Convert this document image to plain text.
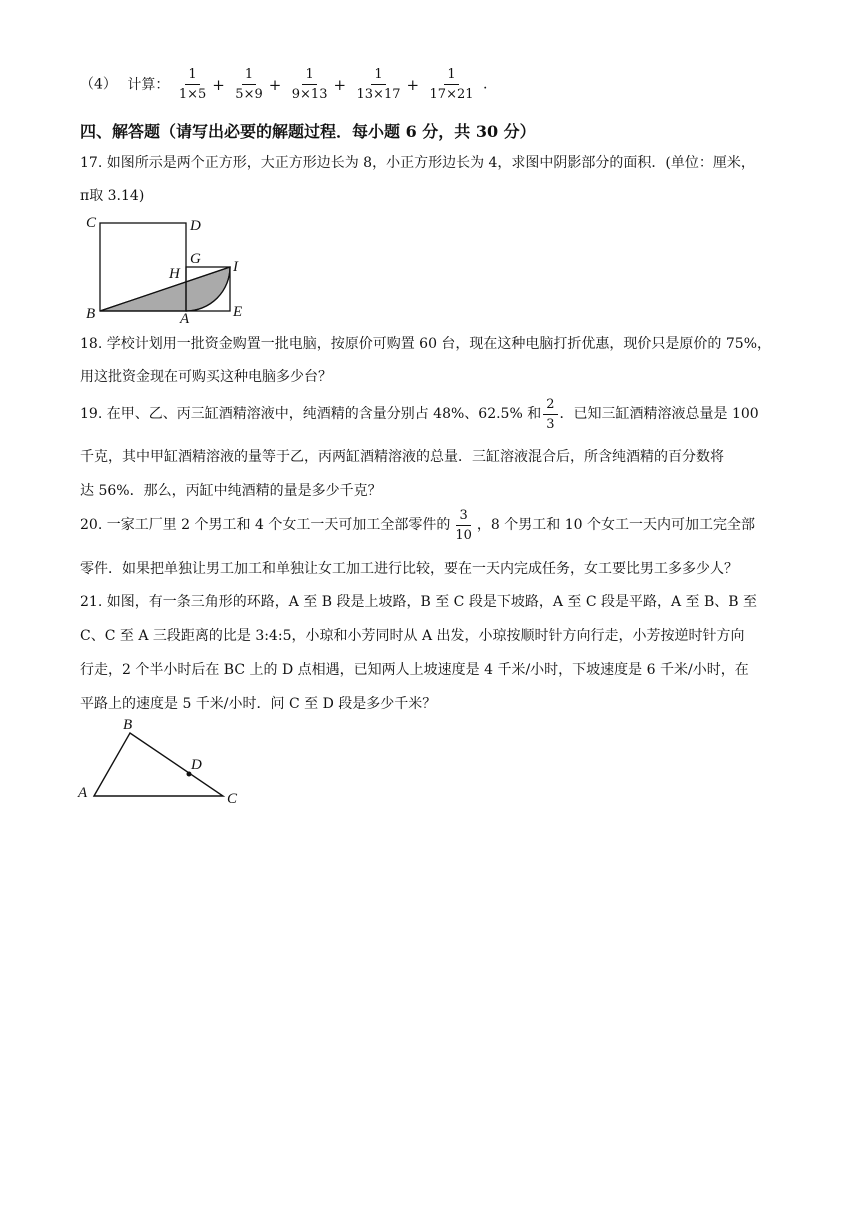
（4） 计算： $\frac{1}{1\times 5} + \frac{1}{5\times 9} + \frac{1}{9\times 13} + \frac{1}{13\times 17} + \frac{1}{17\times 21}$ .
四、解答题（请写出必要的解题过程．每小题 6 分，共 30 分）
17. 如图所示是两个正方形，大正方形边长为 8，小正方形边长为 4，求图中阴影部分的面积．(单位：厘米，
π取 3.14)
C	D
G
H	I
B	A	E
18. 学校计划用一批资金购置一批电脑，按原价可购置 60 台，现在这种电脑打折优惠，现价只是原价的 75%，
用这批资金现在可购买这种电脑多少台？
19. 在甲、乙、丙三缸酒精溶液中，纯酒精的含量分别占 48%、62.5% 和 $\frac{2}{3}$ ．已知三缸酒精溶液总量是 100
千克，其中甲缸酒精溶液的量等于乙，丙两缸酒精溶液的总量．三缸溶液混合后，所含纯酒精的百分数将
达 56%．那么，丙缸中纯酒精的量是多少千克？
20. 一家工厂里 2 个男工和 4 个女工一天可加工全部零件的 $\frac{3}{10}$ ，8 个男工和 10 个女工一天内可加工完全部
零件．如果把单独让男工加工和单独让女工加工进行比较，要在一天内完成任务，女工要比男工多多少人？
21. 如图，有一条三角形的环路，A 至 B 段是上坡路，B 至 C 段是下坡路，A 至 C 段是平路，A 至 B、B 至
C、C 至 A 三段距离的比是 3:4:5，小琼和小芳同时从 A 出发，小琼按顺时针方向行走，小芳按逆时针方向
行走，2 个半小时后在 BC 上的 D 点相遇，已知两人上坡速度是 4 千米/小时，下坡速度是 6 千米/小时，在
平路上的速度是 5 千米/小时．问 C 至 D 段是多少千米？
B
D
A	C
